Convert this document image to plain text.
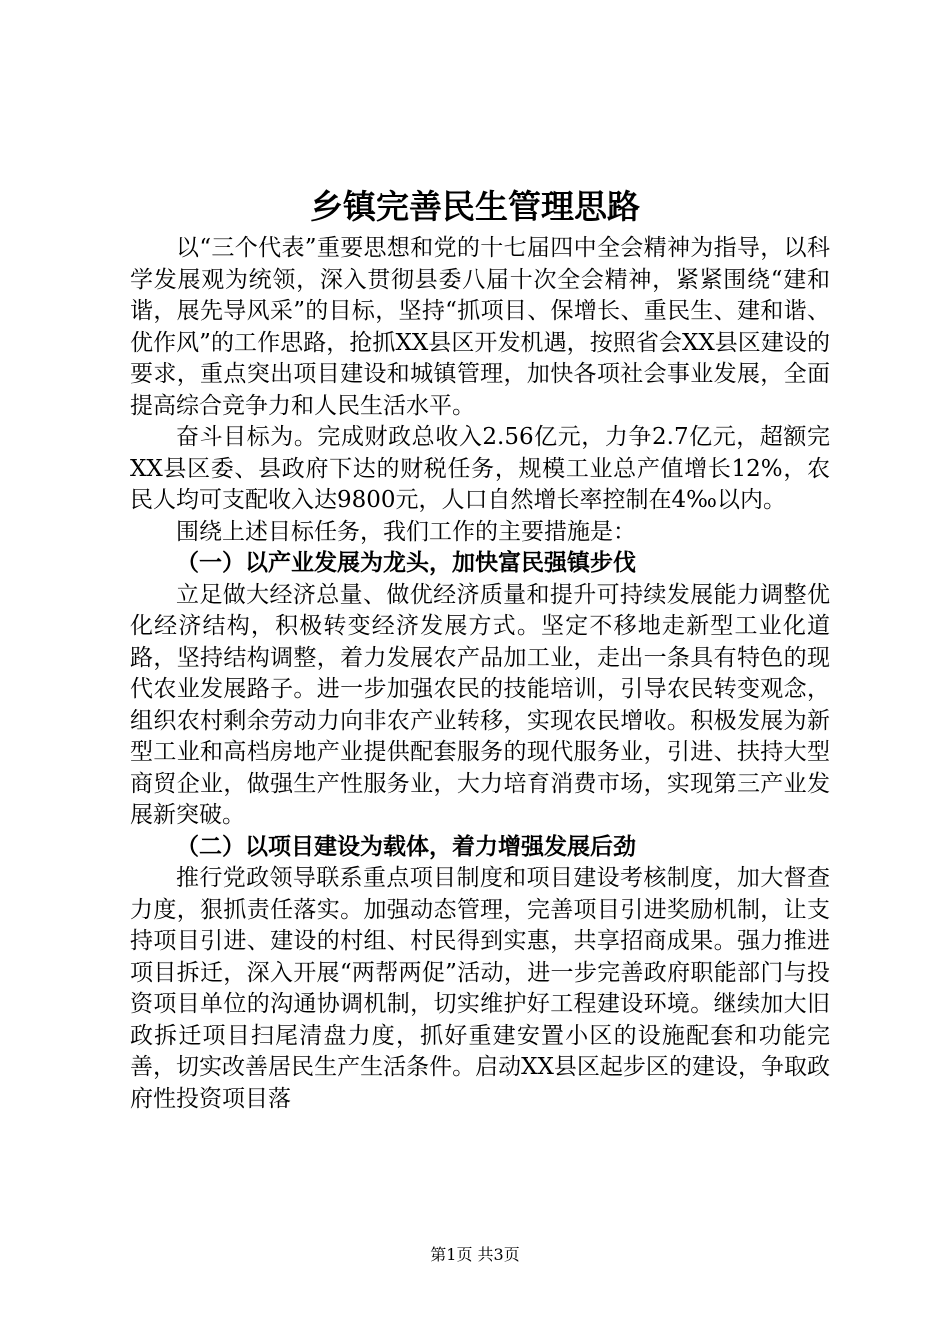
乡镇完善民生管理思路

以“三个代表”重要思想和党的十七届四中全会精神为指导，以科学发展观为统领，深入贯彻县委八届十次全会精神，紧紧围绕“建和谐，展先导风采”的目标，坚持“抓项目、保增长、重民生、建和谐、优作风”的工作思路，抢抓XX县区开发机遇，按照省会XX县区建设的要求，重点突出项目建设和城镇管理，加快各项社会事业发展，全面提高综合竞争力和人民生活水平。

奋斗目标为。完成财政总收入2.56亿元，力争2.7亿元，超额完XX县区委、县政府下达的财税任务，规模工业总产值增长12%，农民人均可支配收入达9800元，人口自然增长率控制在4‰以内。

围绕上述目标任务，我们工作的主要措施是：

（一）以产业发展为龙头，加快富民强镇步伐

立足做大经济总量、做优经济质量和提升可持续发展能力调整优化经济结构，积极转变经济发展方式。坚定不移地走新型工业化道路，坚持结构调整，着力发展农产品加工业，走出一条具有特色的现代农业发展路子。进一步加强农民的技能培训，引导农民转变观念，组织农村剩余劳动力向非农产业转移，实现农民增收。积极发展为新型工业和高档房地产业提供配套服务的现代服务业，引进、扶持大型商贸企业，做强生产性服务业，大力培育消费市场，实现第三产业发展新突破。

（二）以项目建设为载体，着力增强发展后劲

推行党政领导联系重点项目制度和项目建设考核制度，加大督查力度，狠抓责任落实。加强动态管理，完善项目引进奖励机制，让支持项目引进、建设的村组、村民得到实惠，共享招商成果。强力推进项目拆迁，深入开展“两帮两促”活动，进一步完善政府职能部门与投资项目单位的沟通协调机制，切实维护好工程建设环境。继续加大旧政拆迁项目扫尾清盘力度，抓好重建安置小区的设施配套和功能完善，切实改善居民生产生活条件。启动XX县区起步区的建设，争取政府性投资项目落

第1页 共3页
